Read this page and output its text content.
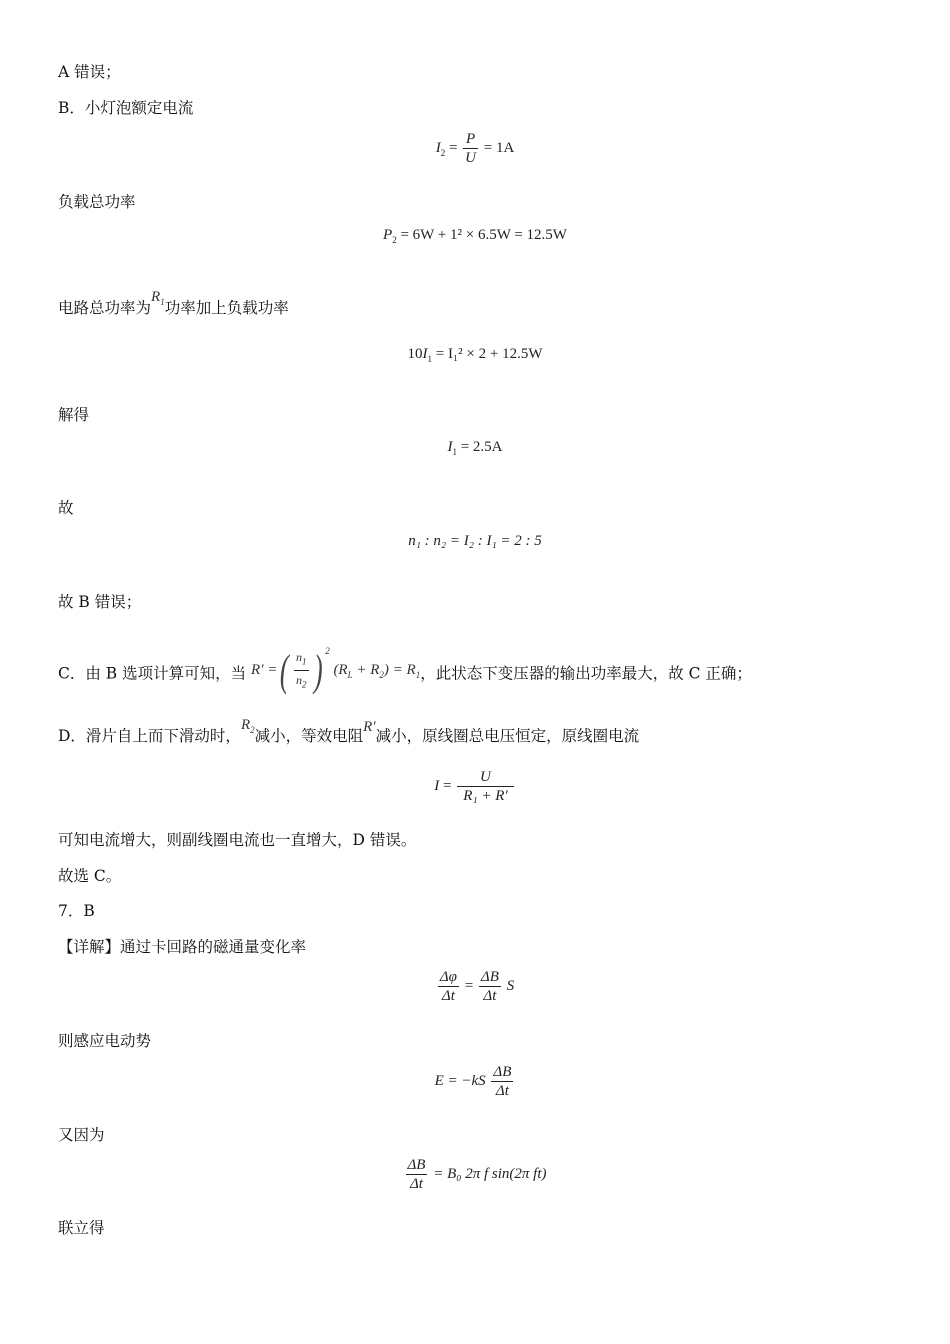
A 错误；
B．小灯泡额定电流
$I_2 = \frac{P}{U} = 1A$
负载总功率
$P_2 = 6W + 1^2 \times 6.5W = 12.5W$
电路总功率为$R_1$功率加上负载功率
$10I_1 = I_1^2 \times 2 + 12.5W$
解得
$I_1 = 2.5A$
故
n₁ : n₂ = I₂ : I₁ = 2 : 5
故 B 错误；
C．由 B 选项计算可知，当 R′ =( $\frac{n_1}{n_2}$ ) $^2$ $(R_L + R_2) = R_1$，此状态下变压器的输出功率最大，故 C 正确；
D．滑片自上而下滑动时，$R_2$减小，等效电阻R′减小，原线圈总电压恒定，原线圈电流
$I = \frac{U}{\text{R₁ + R′}}$
可知电流增大，则副线圈电流也一直增大，D 错误。
故选 C。
7．B
【详解】通过卡回路的磁通量变化率
$\frac{\Delta\varphi}{\Delta t} = \frac{\Delta B}{\Delta t}$ S
则感应电动势
$E = -kS \frac{\Delta B}{\Delta t}$
又因为
$\frac{\Delta B}{\Delta t} = B_0$ 2π f sin(2π ft)
联立得
